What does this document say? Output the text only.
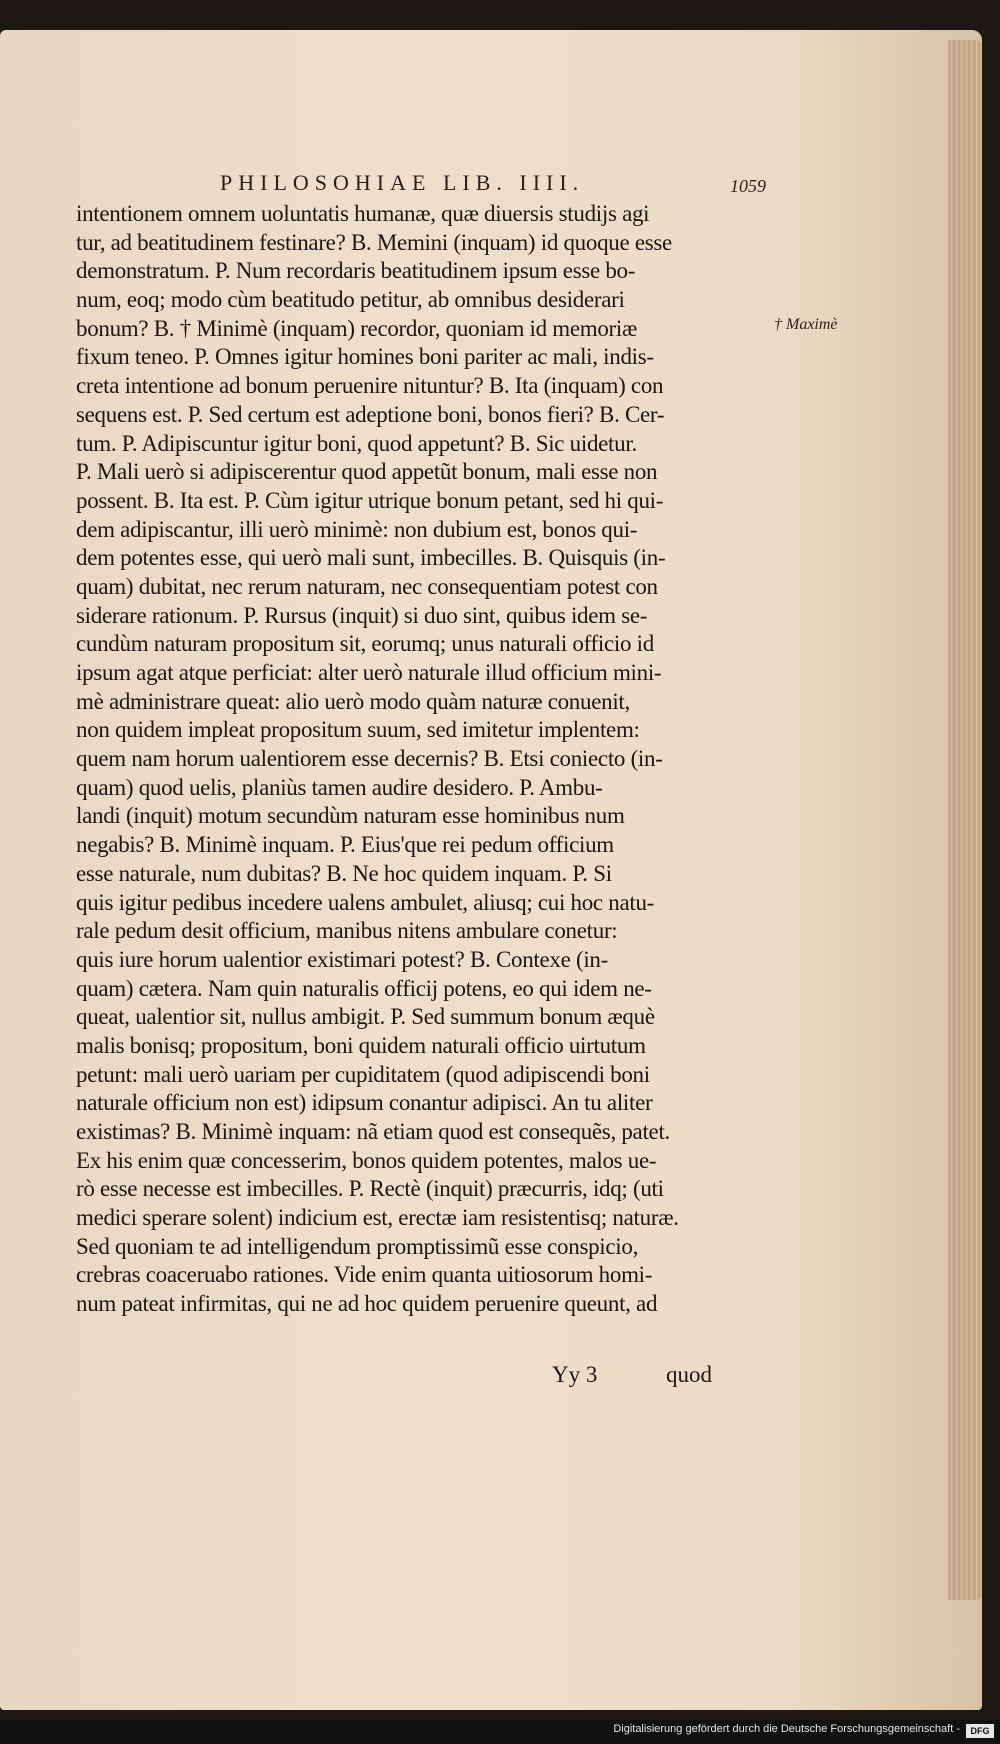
PHILOSOHIAE LIB. IIII.	1059
intentionem omnem uoluntatis humanæ, quæ diuersis studijs agi
tur, ad beatitudinem festinare? B. Memini (inquam) id quoque esse
demonstratum. P. Num recordaris beatitudinem ipsum esse bo-
num, eoq; modo cùm beatitudo petitur, ab omnibus desiderari
bonum? B. † Minimè (inquam) recordor, quoniam id memoriæ
fixum teneo. P. Omnes igitur homines boni pariter ac mali, indis-
creta intentione ad bonum peruenire nituntur? B. Ita (inquam) con
sequens est. P. Sed certum est adeptione boni, bonos fieri? B. Cer-
tum. P. Adipiscuntur igitur boni, quod appetunt? B. Sic uidetur.
P. Mali uerò si adipiscerentur quod appetũt bonum, mali esse non
possent. B. Ita est. P. Cùm igitur utrique bonum petant, sed hi qui-
dem adipiscantur, illi uerò minimè: non dubium est, bonos qui-
dem potentes esse, qui uerò mali sunt, imbecilles. B. Quisquis (in-
quam) dubitat, nec rerum naturam, nec consequentiam potest con
siderare rationum. P. Rursus (inquit) si duo sint, quibus idem se-
cundùm naturam propositum sit, eorumq; unus naturali officio id
ipsum agat atque perficiat: alter uerò naturale illud officium mini-
mè administrare queat: alio uerò modo quàm naturæ conuenit,
non quidem impleat propositum suum, sed imitetur implentem:
quem nam horum ualentiorem esse decernis? B. Etsi coniecto (in-
quam) quod uelis, planiùs tamen audire desidero. P. Ambu-
landi (inquit) motum secundùm naturam esse hominibus num
negabis? B. Minimè inquam. P. Eius'que rei pedum officium
esse naturale, num dubitas? B. Ne hoc quidem inquam. P. Si
quis igitur pedibus incedere ualens ambulet, aliusq; cui hoc natu-
rale pedum desit officium, manibus nitens ambulare conetur:
quis iure horum ualentior existimari potest? B. Contexe (in-
quam) cætera. Nam quin naturalis officij potens, eo qui idem ne-
queat, ualentior sit, nullus ambigit. P. Sed summum bonum æquè
malis bonisq; propositum, boni quidem naturali officio uirtutum
petunt: mali uerò uariam per cupiditatem (quod adipiscendi boni
naturale officium non est) idipsum conantur adipisci. An tu aliter
existimas? B. Minimè inquam: nã etiam quod est consequẽs, patet.
Ex his enim quæ concesserim, bonos quidem potentes, malos ue-
rò esse necesse est imbecilles. P. Rectè (inquit) præcurris, idq; (uti
medici sperare solent) indicium est, erectæ iam resistentisq; naturæ.
Sed quoniam te ad intelligendum promptissimũ esse conspicio,
crebras coaceruabo rationes. Vide enim quanta uitiosorum homi-
num pateat infirmitas, qui ne ad hoc quidem peruenire queunt, ad
† Maximè
Yy 3	quod
Digitalisierung gefördert durch die Deutsche Forschungsgemeinschaft -	DFG
